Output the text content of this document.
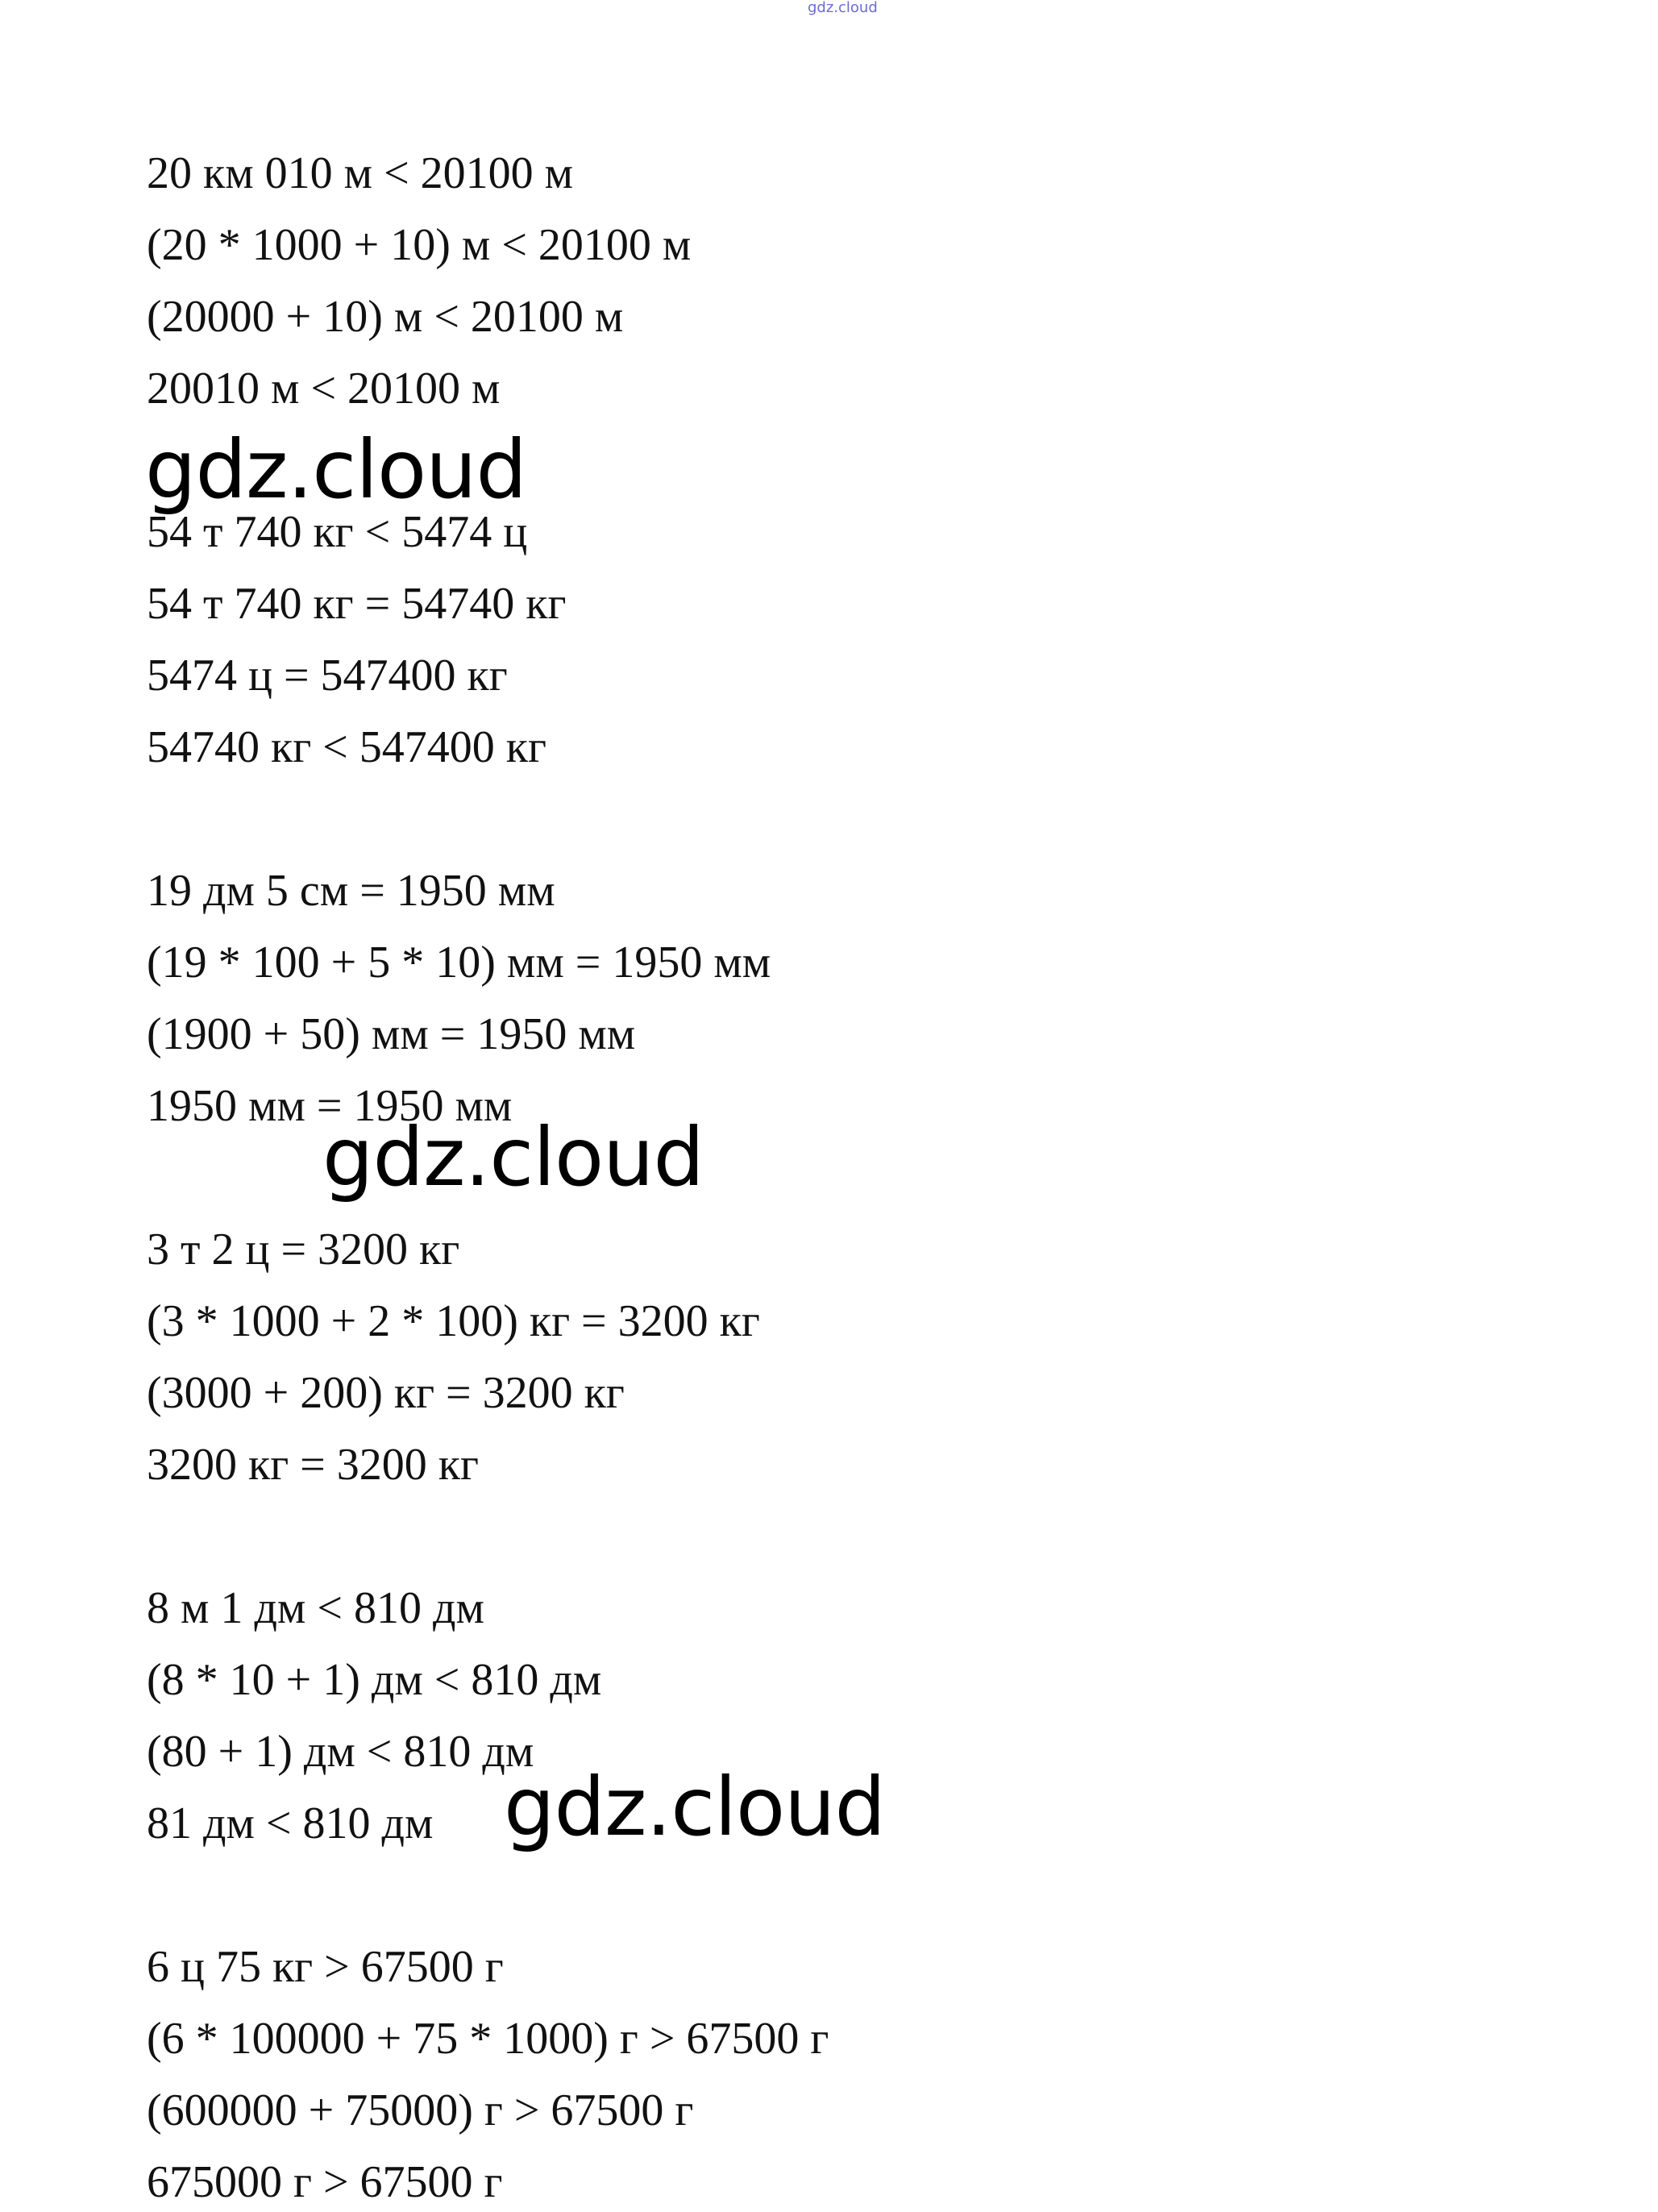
gdz.cloud
20 км 010 м < 20100 м
(20 * 1000 + 10) м < 20100 м
(20000 + 10) м < 20100 м
20010 м < 20100 м
gdz.cloud
54 т 740 кг < 5474 ц
54 т 740 кг = 54740 кг
5474 ц = 547400 кг
54740 кг < 547400 кг
19 дм 5 см = 1950 мм
(19 * 100 + 5 * 10) мм = 1950 мм
(1900 + 50) мм = 1950 мм
1950 мм = 1950 мм
gdz.cloud
3 т 2 ц = 3200 кг
(3 * 1000 + 2 * 100) кг = 3200 кг
(3000 + 200) кг = 3200 кг
3200 кг = 3200 кг
8 м 1 дм < 810 дм
(8 * 10 + 1) дм < 810 дм
(80 + 1) дм < 810 дм
81 дм < 810 дм gdz.cloud
6 ц 75 кг > 67500 г
(6 * 100000 + 75 * 1000) г > 67500 г
(600000 + 75000) г > 67500 г
675000 г > 67500 г
